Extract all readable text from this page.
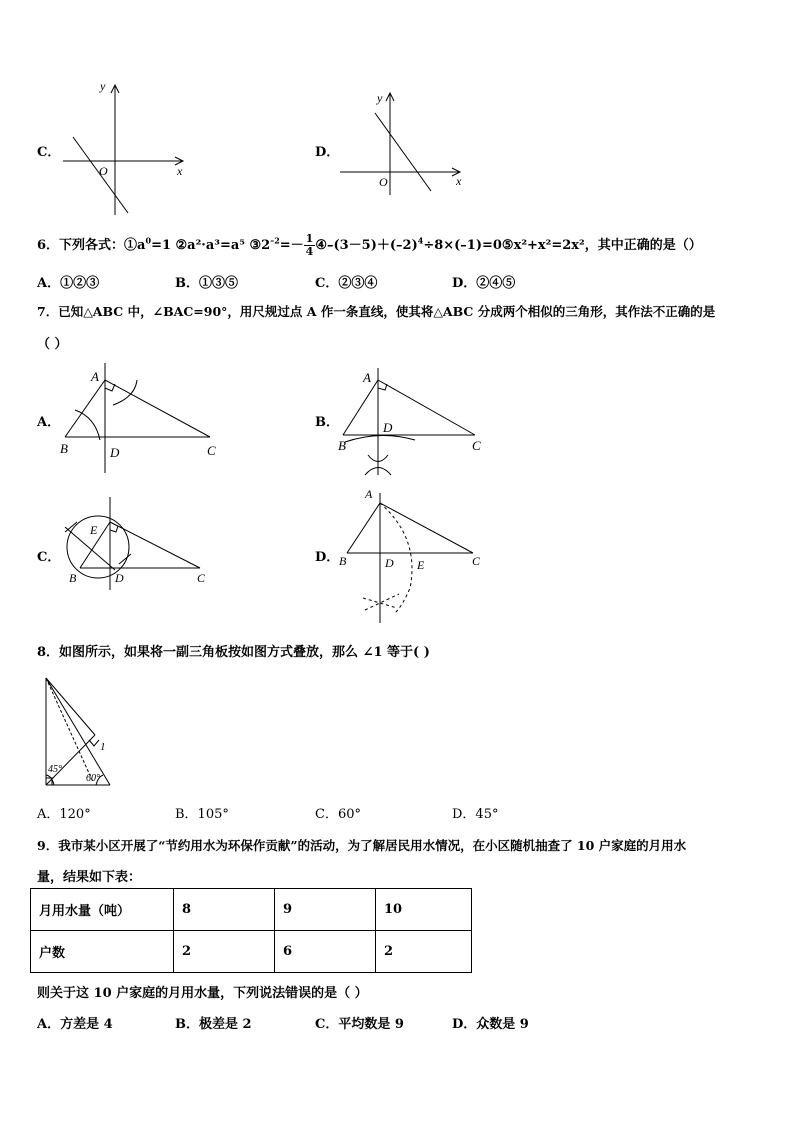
C．
y
x
O
D．
y
x
O
6．下列各式：$①a^0=1$ ②a²·a³=a⁵ $③2^{-2}=- \frac{1}{4}$ $④-(3-5)+(-2)^4\div 8\times(-1)=0⑤x^2+x^2=2x^2$，其中正确的是（）
A．①②③	B．①③⑤	C．②③④	D．②④⑤
7．已知△ABC 中，∠BAC=90°，用尺规过点 A 作一条直线，使其将△ABC 分成两个相似的三角形，其作法不正确的是
（ ）
A．
A
B	D	C
B．
A
B
D
C
C．
E
B	D	C
D．
A
B	D E	C
8．如图所示，如果将一副三角板按如图方式叠放，那么 ∠1 等于( )
45°
60°
1
A．120°	B．105°	C．60°	D．45°
9．我市某小区开展了“节约用水为环保作贡献”的活动，为了解居民用水情况，在小区随机抽查了 10 户家庭的月用水
量，结果如下表：
月用水量（吨）	8	9	10
户数	2	6	2
则关于这 10 户家庭的月用水量，下列说法错误的是（ ）
A．方差是 4	B．极差是 2	C．平均数是 9	D．众数是 9
